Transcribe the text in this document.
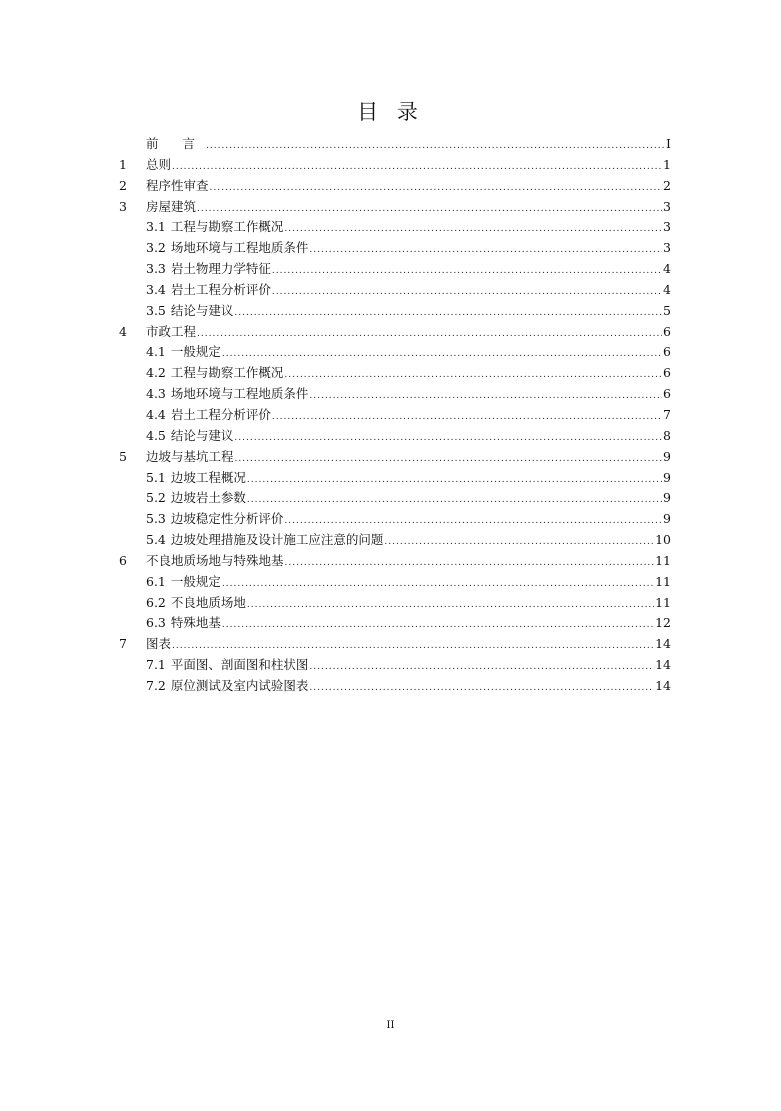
目 录
前 言 .....	I
1	总则 .....	1
2	程序性审查 .....	2
3	房屋建筑 .....	3
3.1 工程与勘察工作概况 .....	3
3.2 场地环境与工程地质条件 .....	3
3.3 岩土物理力学特征 .....	4
3.4 岩土工程分析评价 .....	4
3.5 结论与建议 .....	5
4	市政工程 .....	6
4.1 一般规定 .....	6
4.2 工程与勘察工作概况 .....	6
4.3 场地环境与工程地质条件 .....	6
4.4 岩土工程分析评价 .....	7
4.5 结论与建议 .....	8
5	边坡与基坑工程 .....	9
5.1 边坡工程概况 .....	9
5.2 边坡岩土参数 .....	9
5.3 边坡稳定性分析评价 .....	9
5.4 边坡处理措施及设计施工应注意的问题 .....	10
6	不良地质场地与特殊地基 .....	11
6.1 一般规定 .....	11
6.2 不良地质场地 .....	11
6.3 特殊地基 .....	12
7	图表 .....	14
7.1 平面图、剖面图和柱状图 .....	14
7.2 原位测试及室内试验图表 .....	14
II
